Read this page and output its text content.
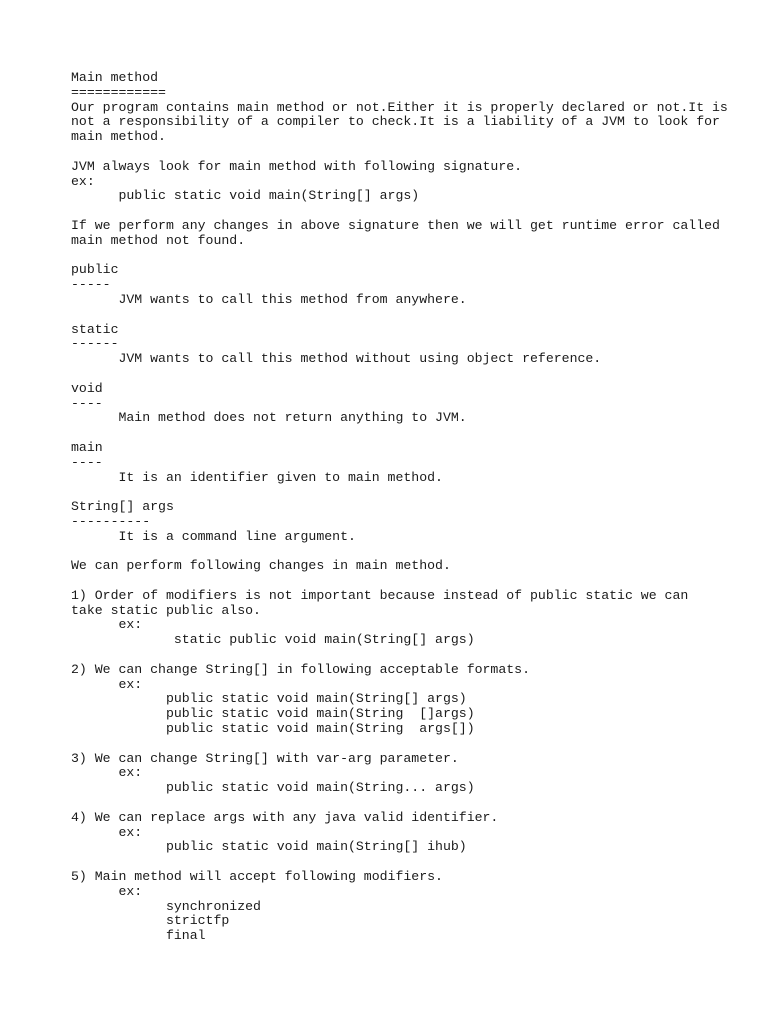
Main method
============
Our program contains main method or not.Either it is properly declared or not.It is
not a responsibility of a compiler to check.It is a liability of a JVM to look for
main method.
JVM always look for main method with following signature.
ex:
public static void main(String[] args)
If we perform any changes in above signature then we will get runtime error called
main method not found.
public
-----
JVM wants to call this method from anywhere.
static
------
JVM wants to call this method without using object reference.
void
----
Main method does not return anything to JVM.
main
----
It is an identifier given to main method.
String[] args
----------
It is a command line argument.
We can perform following changes in main method.
1) Order of modifiers is not important because instead of public static we can
take static public also.
ex:
static public void main(String[] args)
2) We can change String[] in following acceptable formats.
ex:
public static void main(String[] args)
public static void main(String  []args)
public static void main(String  args[])
3) We can change String[] with var-arg parameter.
ex:
public static void main(String... args)
4) We can replace args with any java valid identifier.
ex:
public static void main(String[] ihub)
5) Main method will accept following modifiers.
ex:
synchronized
strictfp
final
